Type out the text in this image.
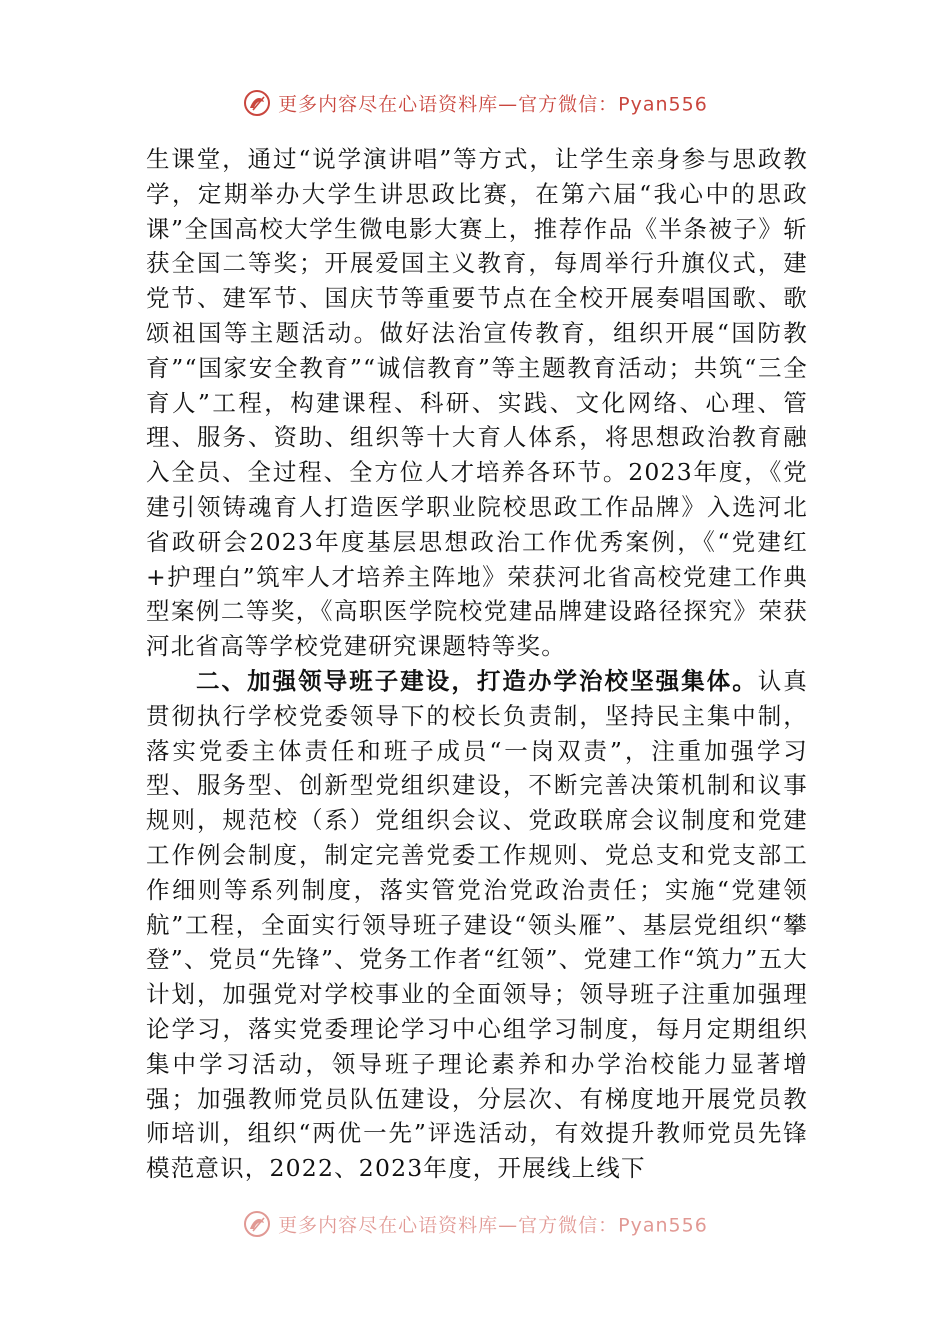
更多内容尽在心语资料库—官方微信：Pyan556

生课堂，通过“说学演讲唱”等方式，让学生亲身参与思政教学，定期举办大学生讲思政比赛，在第六届“我心中的思政课”全国高校大学生微电影大赛上，推荐作品《半条被子》斩获全国二等奖；开展爱国主义教育，每周举行升旗仪式，建党节、建军节、国庆节等重要节点在全校开展奏唱国歌、歌颂祖国等主题活动。做好法治宣传教育，组织开展“国防教育”“国家安全教育”“诚信教育”等主题教育活动；共筑“三全育人”工程，构建课程、科研、实践、文化网络、心理、管理、服务、资助、组织等十大育人体系，将思想政治教育融入全员、全过程、全方位人才培养各环节。2023年度，《党建引领铸魂育人打造医学职业院校思政工作品牌》入选河北省政研会2023年度基层思想政治工作优秀案例，《“党建红+护理白”筑牢人才培养主阵地》荣获河北省高校党建工作典型案例二等奖，《高职医学院校党建品牌建设路径探究》荣获河北省高等学校党建研究课题特等奖。

二、加强领导班子建设，打造办学治校坚强集体。认真贯彻执行学校党委领导下的校长负责制，坚持民主集中制，落实党委主体责任和班子成员“一岗双责”，注重加强学习型、服务型、创新型党组织建设，不断完善决策机制和议事规则，规范校（系）党组织会议、党政联席会议制度和党建工作例会制度，制定完善党委工作规则、党总支和党支部工作细则等系列制度，落实管党治党政治责任；实施“党建领航”工程，全面实行领导班子建设“领头雁”、基层党组织“攀登”、党员“先锋”、党务工作者“红领”、党建工作“筑力”五大计划，加强党对学校事业的全面领导；领导班子注重加强理论学习，落实党委理论学习中心组学习制度，每月定期组织集中学习活动，领导班子理论素养和办学治校能力显著增强；加强教师党员队伍建设，分层次、有梯度地开展党员教师培训，组织“两优一先”评选活动，有效提升教师党员先锋模范意识，2022、2023年度，开展线上线下

更多内容尽在心语资料库—官方微信：Pyan556
